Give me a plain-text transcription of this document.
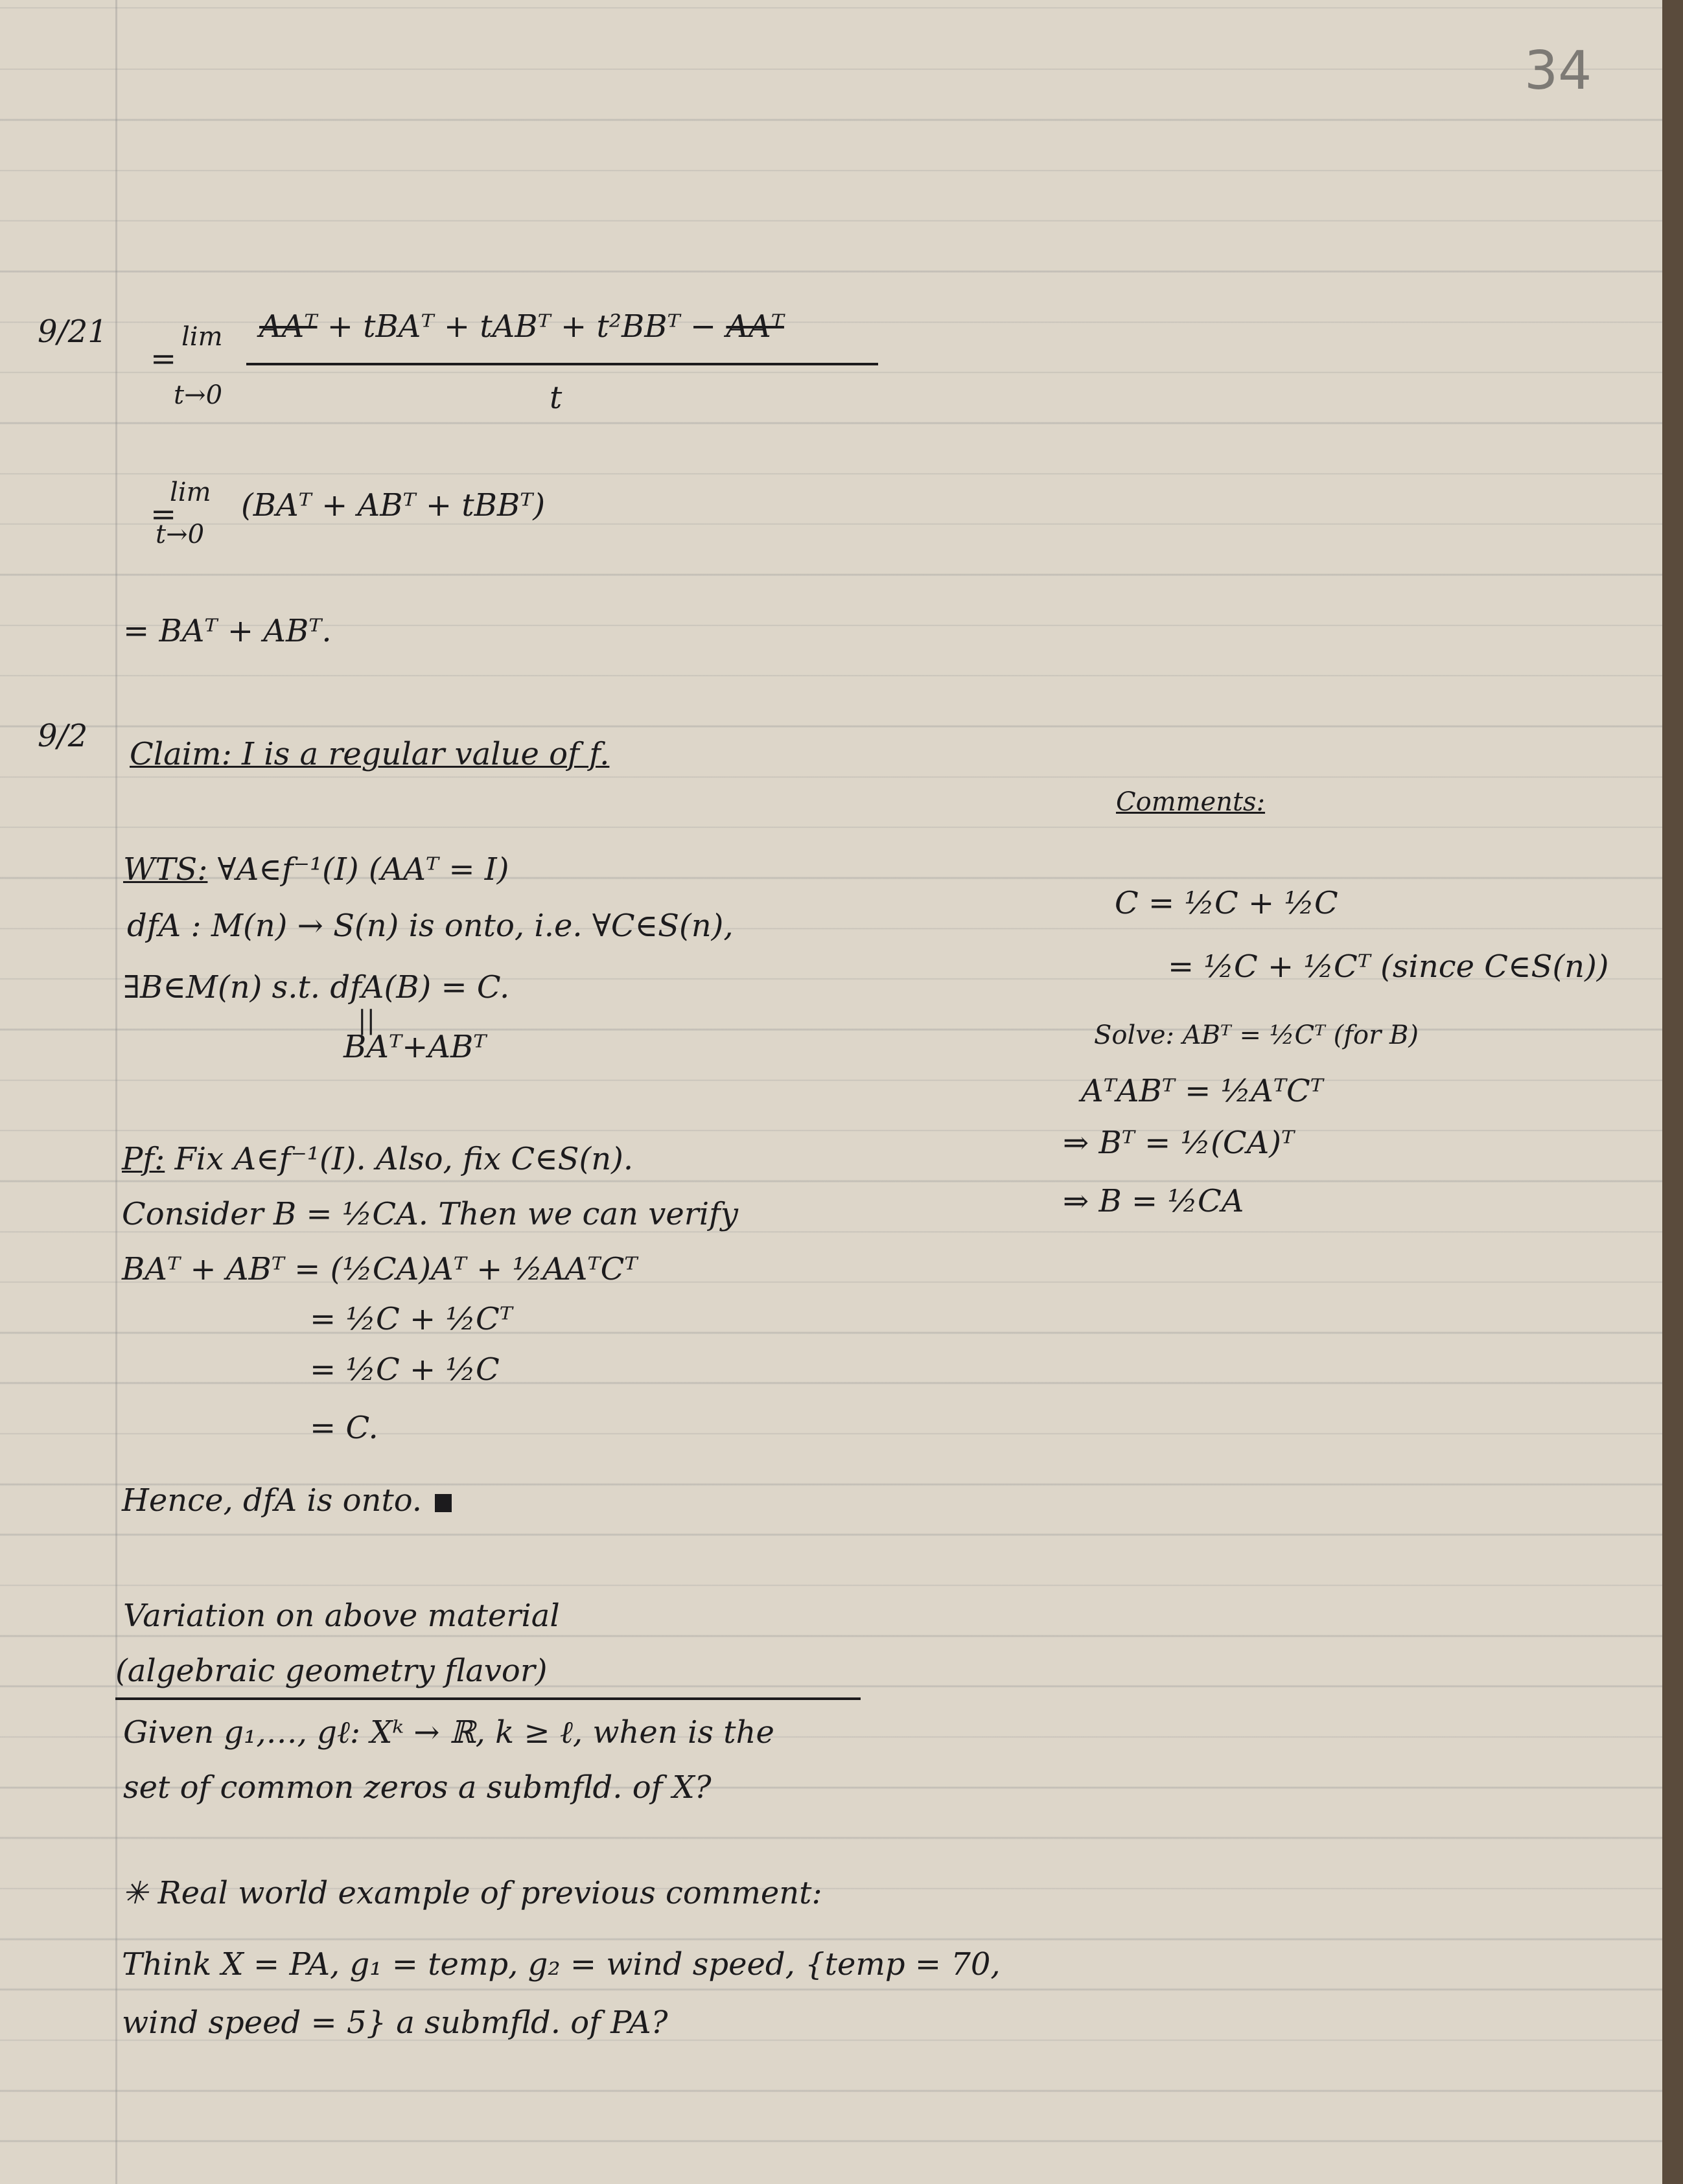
34
9/21
=
lim
t→0
AAᵀ + tBAᵀ + tABᵀ + t²BBᵀ − AAᵀ
t
=
lim
t→0
(BAᵀ + ABᵀ + tBBᵀ)
= BAᵀ + ABᵀ.
9/2 Claim: I is a regular value of f.
WTS: ∀A∈f⁻¹(I) (AAᵀ = I)
dfA : M(n) → S(n) is onto, i.e. ∀C∈S(n),
∃B∈M(n) s.t. dfA(B) = C.
||
BAᵀ+ABᵀ
Pf: Fix A∈f⁻¹(I). Also, fix C∈S(n).
Consider B = ½CA. Then we can verify
BAᵀ + ABᵀ = (½CA)Aᵀ + ½AAᵀCᵀ
= ½C + ½Cᵀ
= ½C + ½C
= C.
Hence, dfA is onto.
Comments:
C = ½C + ½C
= ½C + ½Cᵀ (since C∈S(n))
Solve: ABᵀ = ½Cᵀ (for B)
AᵀABᵀ = ½AᵀCᵀ
⇒ Bᵀ = ½(CA)ᵀ
⇒ B = ½CA
Variation on above material
(algebraic geometry flavor)
Given g₁,…, gℓ: Xᵏ → ℝ, k ≥ ℓ, when is the
set of common zeros a submfld. of X?
✳ Real world example of previous comment:
Think X = PA, g₁ = temp, g₂ = wind speed, {temp = 70,
wind speed = 5} a submfld. of PA?
